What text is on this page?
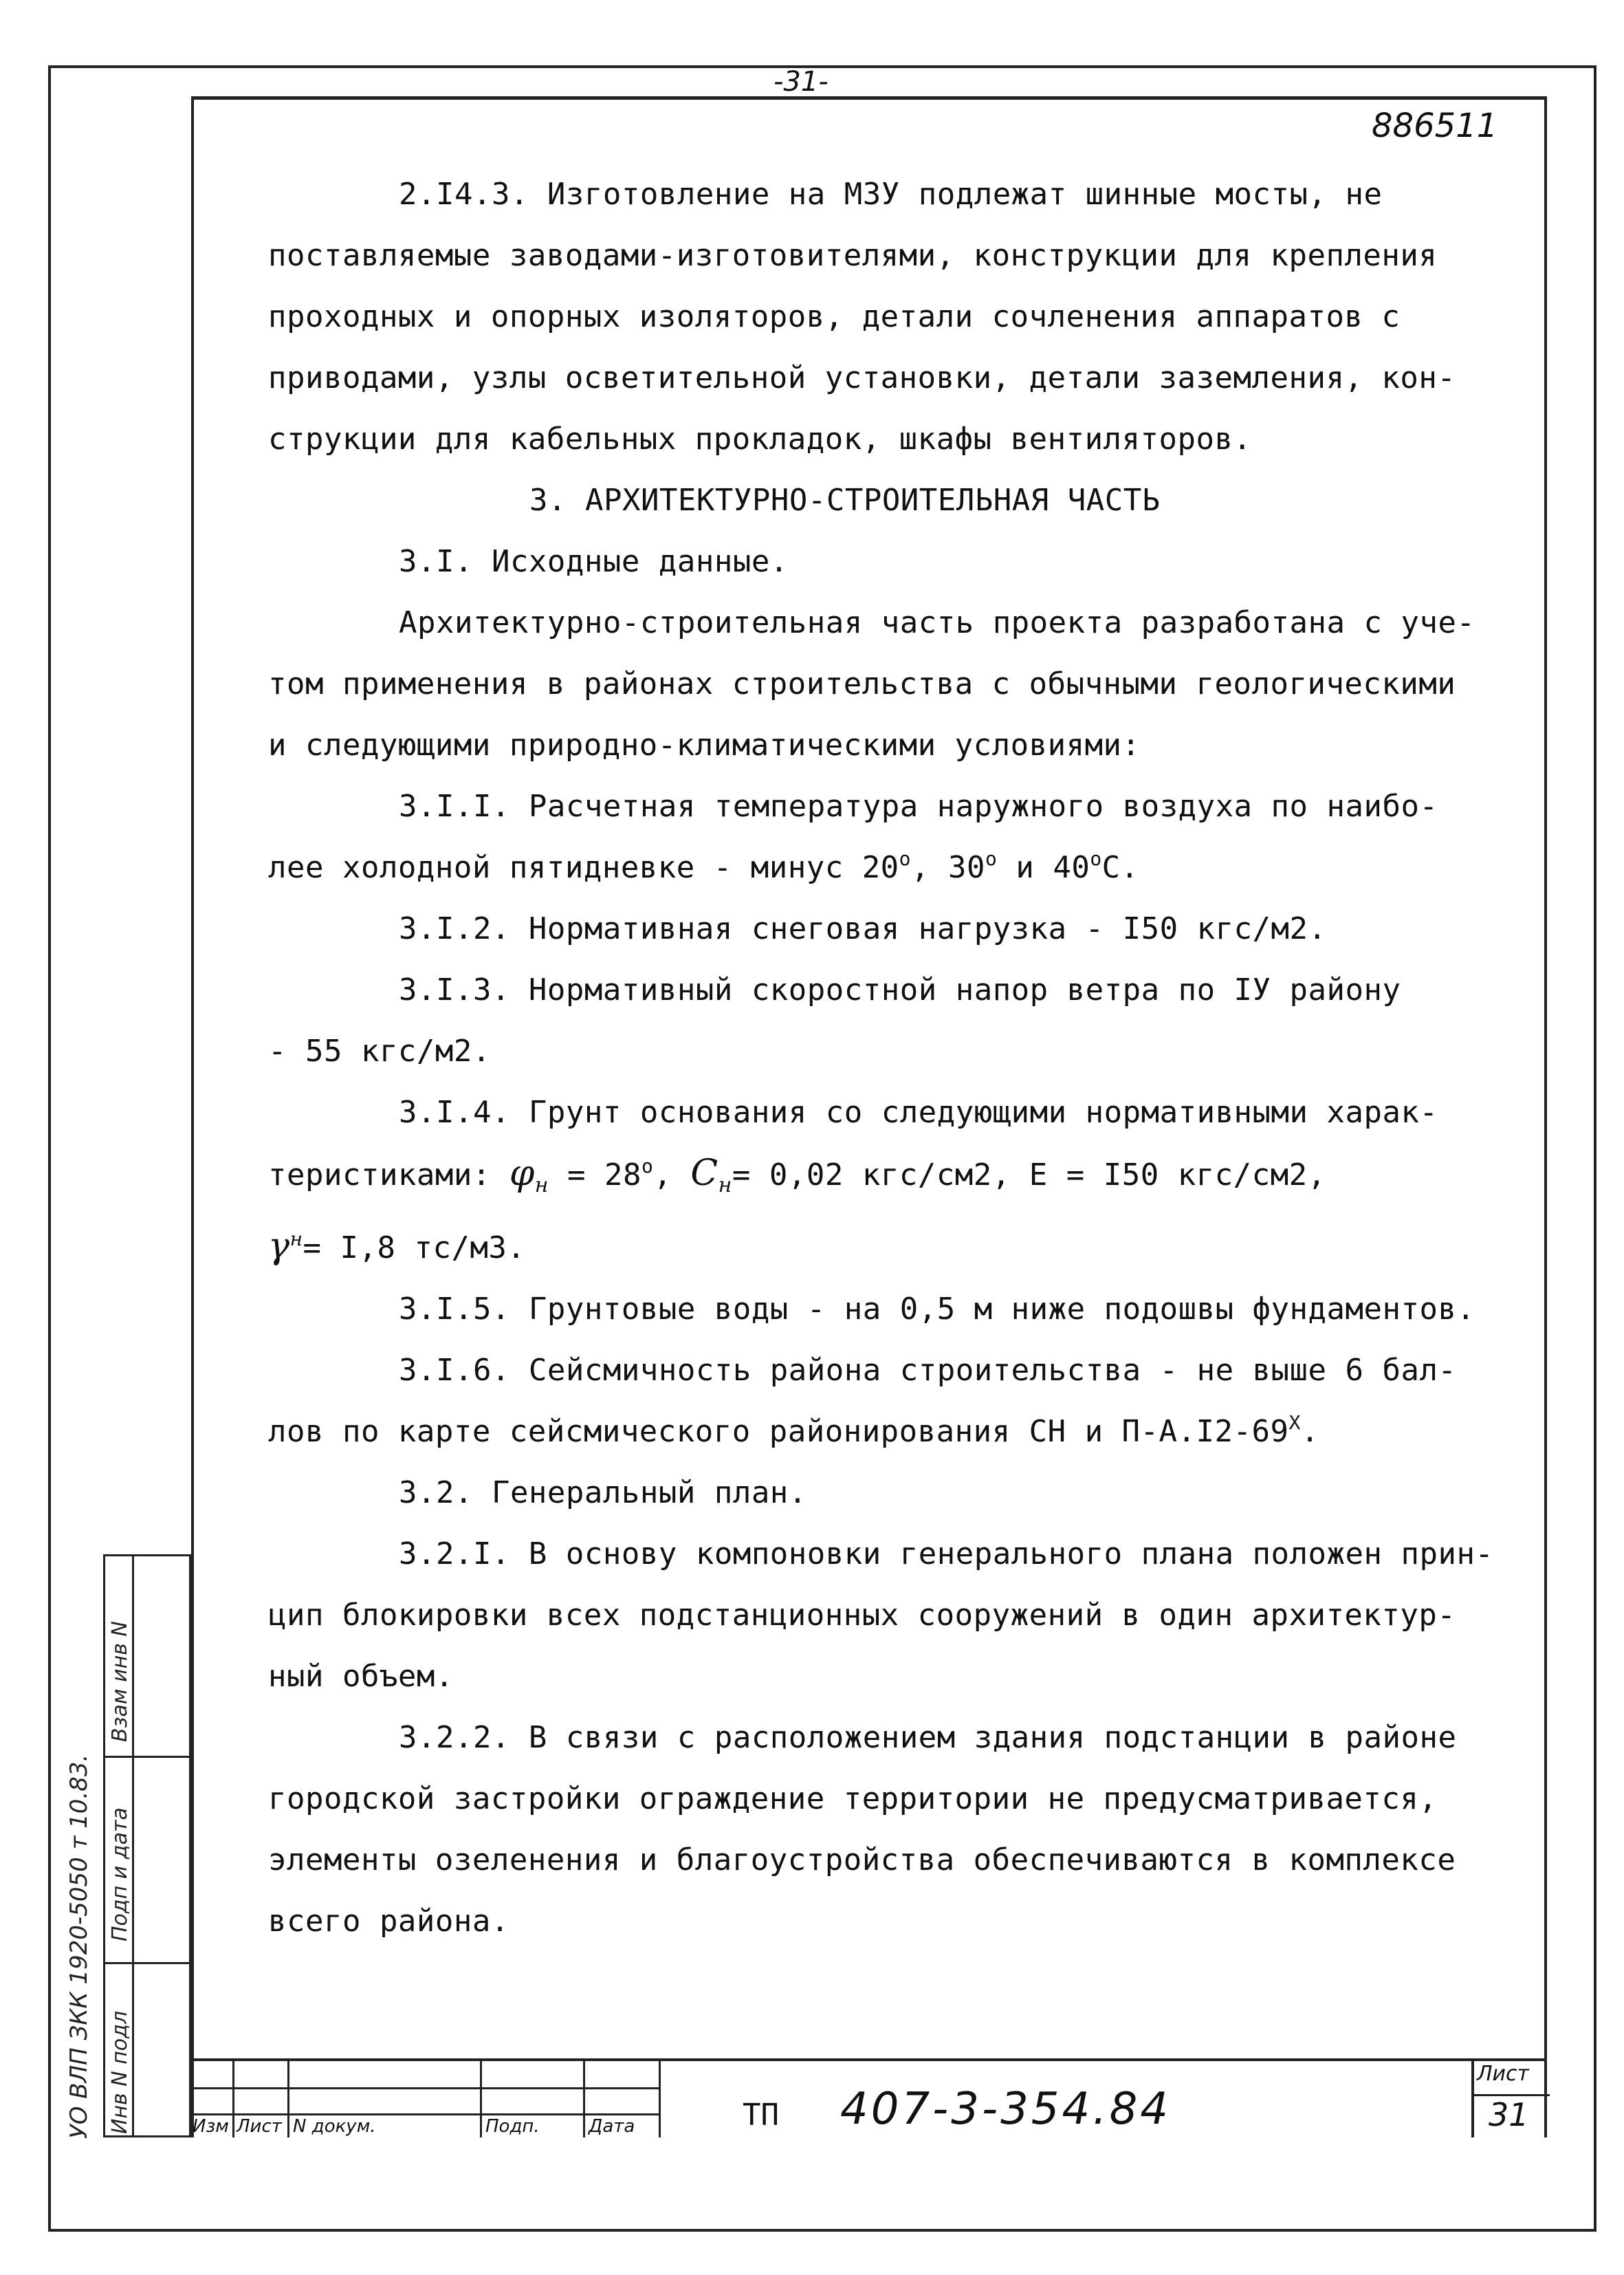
-31-
886511

2.I4.3. Изготовление на МЗУ подлежат шинные мосты, не

поставляемые заводами-изготовителями, конструкции для крепления

проходных и опорных изоляторов, детали сочленения аппаратов с

приводами, узлы осветительной установки, детали заземления, кон-

струкции для кабельных прокладок, шкафы вентиляторов.

3. АРХИТЕКТУРНО-СТРОИТЕЛЬНАЯ ЧАСТЬ

3.I. Исходные данные.

Архитектурно-строительная часть проекта разработана с уче-

том применения в районах строительства с обычными геологическими

и следующими природно-климатическими условиями:

3.I.I. Расчетная температура наружного воздуха по наибо-

лее холодной пятидневке - минус $20^о$, $30^о$ и $40^оС$.

3.I.2. Нормативная снеговая нагрузка - I50 кгс/м2.

3.I.3. Нормативный скоростной напор ветра по IУ району

- 55 кгс/м2.

3.I.4. Грунт основания со следующими нормативными харак-

теристиками: $\varphi_н = 28^о$, $C_н= 0,02$ кгс/см2, E = I50 кгс/см2,

$\gamma^н= I,8$ тс/м3.

3.I.5. Грунтовые воды - на 0,5 м ниже подошвы фундаментов.

3.I.6. Сейсмичность района строительства - не выше 6 бал-

лов по карте сейсмического районирования СН и $П-А.I2-69^Х$.

3.2. Генеральный план.

3.2.I. В основу компоновки генерального плана положен прин-

цип блокировки всех подстанционных сооружений в один архитектур-

ный объем.

3.2.2. В связи с расположением здания подстанции в районе

городской застройки ограждение территории не предусматривается,

элементы озеленения и благоустройства обеспечиваются в комплексе

всего района.

Инв N подл
Подп и дата
Взам инв N
УО ВЛП ЗКК 1920-5050 т 10.83.	Изм Лист N докум.	Подп.	Дата	ТП 407-3-354.84
Лист
31
